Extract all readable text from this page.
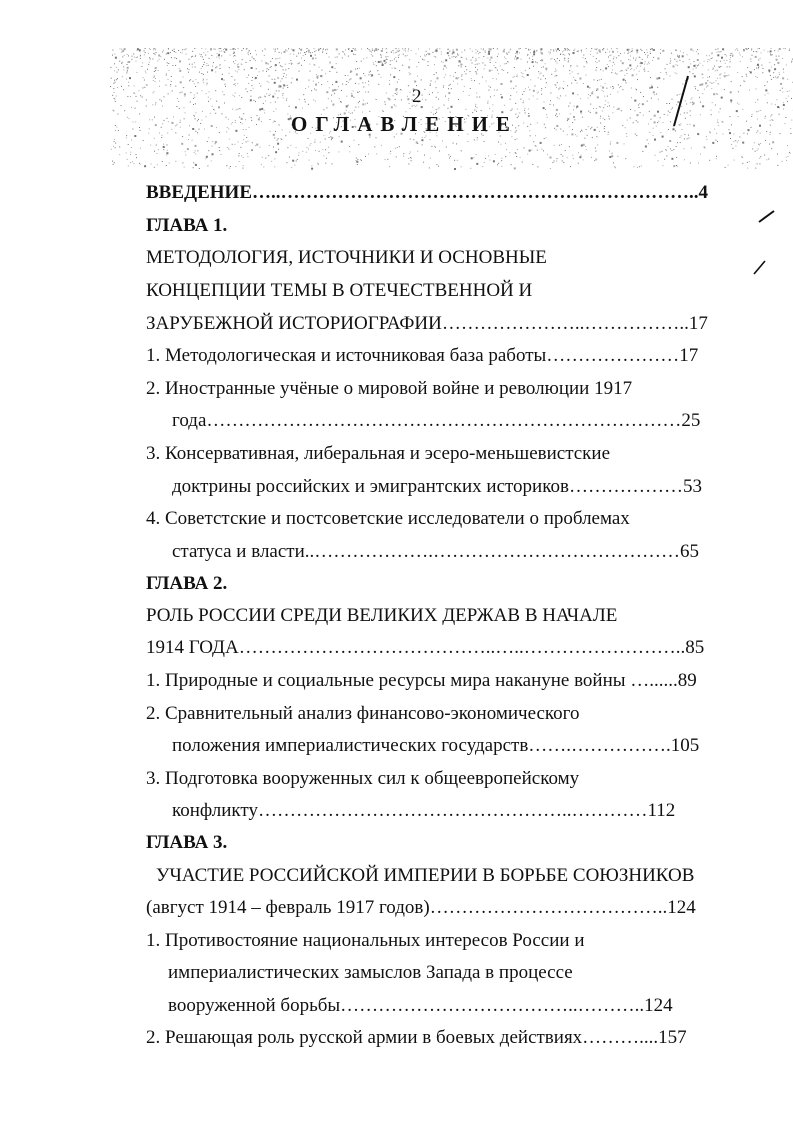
2
ОГЛАВЛЕНИЕ
ВВЕДЕНИЕ…..…………………………………………..……………..4
ГЛАВА 1.
МЕТОДОЛОГИЯ, ИСТОЧНИКИ И ОСНОВНЫЕ
КОНЦЕПЦИИ ТЕМЫ В ОТЕЧЕСТВЕННОЙ И
ЗАРУБЕЖНОЙ ИСТОРИОГРАФИИ…………………..……………..17
1. Методологическая и источниковая база работы…………………17
2. Иностранные учёные о мировой войне и революции 1917
года…………………………………………………………………25
3. Консервативная, либеральная и эсеро-меньшевистские
доктрины российских и эмигрантских историков………………53
4. Советстские и постсоветские исследователи о проблемах
статуса и власти..……………….…………………………………65
ГЛАВА 2.
РОЛЬ РОССИИ СРЕДИ ВЕЛИКИХ ДЕРЖАВ В НАЧАЛЕ
1914 ГОДА…………………………………..…..……………………..85
1. Природные и социальные ресурсы мира накануне войны …......89
2. Сравнительный анализ финансово-экономического
положения империалистических государств…….…………….105
3. Подготовка вооруженных сил к общеевропейскому
конфликту…………………………………………..…………112
ГЛАВА 3.
УЧАСТИЕ РОССИЙСКОЙ ИМПЕРИИ В БОРЬБЕ СОЮЗНИКОВ
(август 1914 – февраль 1917 годов)………………………………..124
1. Противостояние национальных интересов России и
империалистических замыслов Запада в процессе
вооруженной борьбы………………………………..………..124
2. Решающая роль русской армии в боевых действиях………....157
